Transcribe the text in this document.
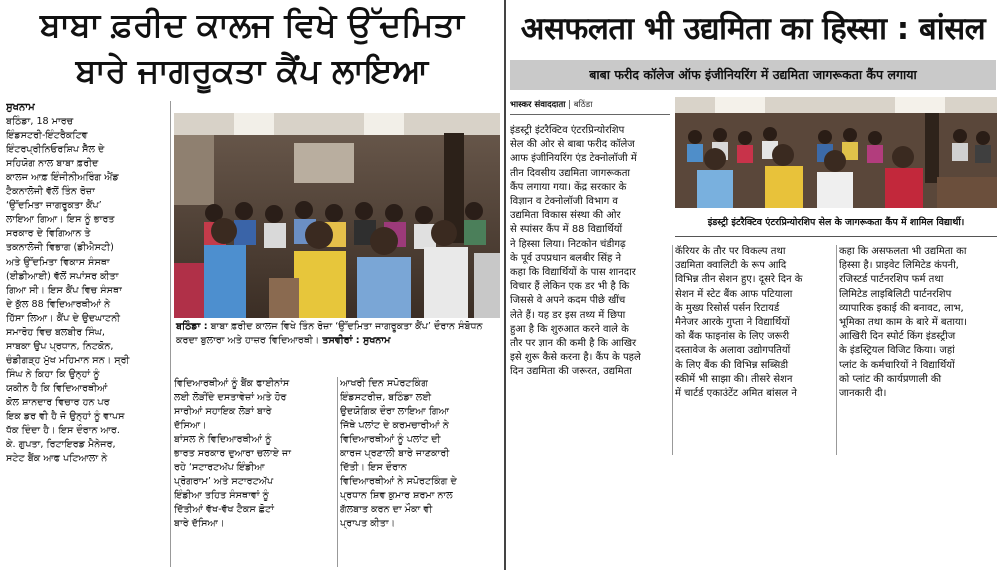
ਬਾਬਾ ਫ਼ਰੀਦ ਕਾਲਜ ਵਿਖੇ ਉੱਦਮਿਤਾ
ਬਾਰੇ ਜਾਗਰੂਕਤਾ ਕੈਂਪ ਲਾਇਆ
ਸੁਖਨਾਮ
ਬਠਿੰਡਾ, 18 ਮਾਰਚ
ਇੰਡਸਟਰੀ-ਇੰਟਰੈਕਟਿਵ
ਇੰਟਰਪ੍ਰੀਨਿਓਰਸ਼ਿਪ ਸੈੱਲ ਦੇ
ਸਹਿਯੋਗ ਨਾਲ ਬਾਬਾ ਫ਼ਰੀਦ
ਕਾਲਜ ਆਫ਼ ਇੰਜੀਨੀਅਰਿੰਗ ਐਂਡ
ਟੈਕਨਾਲੋਜੀ ਵੱਲੋਂ ਤਿੰਨ ਰੋਜ਼ਾ
‘ਉੱਦਮਿਤਾ ਜਾਗਰੂਕਤਾ ਕੈਂਪ’
ਲਾਇਆ ਗਿਆ। ਇਸ ਨੂੰ ਭਾਰਤ
ਸਰਕਾਰ ਦੇ ਵਿਗਿਆਨ ਤੇ
ਤਕਨਾਲੋਜੀ ਵਿਭਾਗ (ਡੀਐਸਟੀ)
ਅਤੇ ਉੱਦਮਿਤਾ ਵਿਕਾਸ ਸੰਸਥਾ
(ਈਡੀਆਈ) ਵੱਲੋਂ ਸਪਾਂਸਰ ਕੀਤਾ
ਗਿਆ ਸੀ। ਇਸ ਕੈਂਪ ਵਿਚ ਸੰਸਥਾ
ਦੇ ਕੁੱਲ 88 ਵਿਦਿਆਰਥੀਆਂ ਨੇ
ਹਿੱਸਾ ਲਿਆ। ਕੈਂਪ ਦੇ ਉਦਘਾਟਨੀ
ਸਮਾਰੋਹ ਵਿਚ ਬਲਬੀਰ ਸਿੰਘ,
ਸਾਬਕਾ ਉਪ ਪ੍ਰਧਾਨ, ਨਿਟਕੋਨ,
ਚੰਡੀਗੜ੍ਹ ਮੁੱਖ ਮਹਿਮਾਨ ਸਨ। ਸ੍ਰੀ
ਸਿੰਘ ਨੇ ਕਿਹਾ ਕਿ ਉਨ੍ਹਾਂ ਨੂੰ
ਯਕੀਨ ਹੈ ਕਿ ਵਿਦਿਆਰਥੀਆਂ
ਕੋਲ ਸ਼ਾਨਦਾਰ ਵਿਚਾਰ ਹਨ ਪਰ
ਇਕ ਡਰ ਵੀ ਹੈ ਜੋ ਉਨ੍ਹਾਂ ਨੂੰ ਵਾਪਸ
ਧੱਕ ਦਿੰਦਾ ਹੈ। ਇਸ ਦੌਰਾਨ ਆਰ.
ਕੇ. ਗੁਪਤਾ, ਰਿਟਾਇਰਡ ਮੈਨੇਜਰ,
ਸਟੇਟ ਬੈਂਕ ਆਫ ਪਟਿਆਲਾ ਨੇ
ਬਠਿੰਡਾ : ਬਾਬਾ ਫ਼ਰੀਦ ਕਾਲਜ ਵਿਖੇ ਤਿੰਨ ਰੋਜ਼ਾ ‘ਉੱਦਮਿਤਾ ਜਾਗਰੂਕਤਾ ਕੈਂਪ’ ਦੌਰਾਨ ਸੰਬੋਧਨ ਕਰਦਾ ਬੁਲਾਰਾ ਅਤੇ ਹਾਜ਼ਰ ਵਿਦਿਆਰਥੀ। ਤਸਵੀਰਾਂ : ਸੁਖਨਾਮ
ਵਿਦਿਆਰਥੀਆਂ ਨੂੰ ਬੈਂਕ ਫਾਈਨਾਂਸ
ਲਈ ਲੋੜੀਂਦੇ ਦਸਤਾਵੇਜ਼ਾਂ ਅਤੇ ਹੋਰ
ਸਾਰੀਆਂ ਸਹਾਇਕ ਲੋੜਾਂ ਬਾਰੇ
ਦੱਸਿਆ।
ਬਾਂਸਲ ਨੇ ਵਿਦਿਆਰਥੀਆਂ ਨੂੰ
ਭਾਰਤ ਸਰਕਾਰ ਦੁਆਰਾ ਚਲਾਏ ਜਾ
ਰਹੇ ‘ਸਟਾਰਟਅੱਪ ਇੰਡੀਆ
ਪ੍ਰੋਗਰਾਮ’ ਅਤੇ ਸਟਾਰਟਅੱਪ
ਇੰਡੀਆ ਤਹਿਤ ਸੰਸਥਾਵਾਂ ਨੂੰ
ਦਿੱਤੀਆਂ ਵੱਖ-ਵੱਖ ਟੈਕਸ ਛੋਟਾਂ
ਬਾਰੇ ਦੱਸਿਆ।
ਆਖਰੀ ਦਿਨ ਸਪੋਰਟਕਿੰਗ
ਇੰਡਸਟਰੀਜ਼, ਬਠਿੰਡਾ ਲਈ
ਉਦਯੋਗਿਕ ਦੌਰਾ ਲਾਇਆ ਗਿਆ
ਜਿੱਥੇ ਪਲਾਂਟ ਦੇ ਕਰਮਚਾਰੀਆਂ ਨੇ
ਵਿਦਿਆਰਥੀਆਂ ਨੂੰ ਪਲਾਂਟ ਦੀ
ਕਾਰਜ ਪ੍ਰਣਾਲੀ ਬਾਰੇ ਜਾਣਕਾਰੀ
ਦਿੱਤੀ। ਇਸ ਦੌਰਾਨ
ਵਿਦਿਆਰਥੀਆਂ ਨੇ ਸਪੋਰਟਕਿੰਗ ਦੇ
ਪ੍ਰਧਾਨ ਸ਼ਿਵ ਕੁਮਾਰ ਸ਼ਰਮਾ ਨਾਲ
ਗੱਲਬਾਤ ਕਰਨ ਦਾ ਮੌਕਾ ਵੀ
ਪ੍ਰਾਪਤ ਕੀਤਾ।
असफलता भी उद्यमिता का हिस्सा : बांसल
बाबा फरीद कॉलेज ऑफ इंजीनियरिंग में उद्यमिता जागरूकता कैंप लगाया
भास्कर संवाददाता | बठिंडा
इंडस्ट्री इंटरैक्टिव एंटरप्रिन्योरशिप
सेल की ओर से बाबा फरीद कॉलेज
आफ इंजीनियरिंग एंड टेक्नोलॉजी में
तीन दिवसीय उद्यमिता जागरूकता
कैंप लगाया गया। केंद्र सरकार के
विज्ञान व टेक्नोलॉजी विभाग व
उद्यमिता विकास संस्था की ओर
से स्पांसर कैंप में 88 विद्यार्थियों
ने हिस्सा लिया। निटकोन चंडीगढ़
के पूर्व उपप्रधान बलबीर सिंह ने
कहा कि विद्यार्थियों के पास शानदार
विचार हैं लेकिन एक डर भी है कि
जिससे वे अपने कदम पीछे खींच
लेते हैं। यह डर इस तथ्य में छिपा
हुआ है कि शुरुआत करने वाले के
तौर पर ज्ञान की कमी है कि आखिर
इसे शुरू कैसे करना है। कैंप के पहले
दिन उद्यमिता की जरूरत, उद्यमिता
इंडस्ट्री इंटरैक्टिव एंटरप्रिन्योरशिप सेल के जागरूकता कैंप में शामिल विद्यार्थी।
कॅरियर के तौर पर विकल्प तथा
उद्यमिता क्वालिटी के रूप आदि
विभिन्न तीन सेशन हुए। दूसरे दिन के
सेशन में स्टेट बैंक आफ पटियाला
के मुख्य रिसोर्स पर्सन रिटायर्ड
मैनेजर आरके गुप्ता ने विद्यार्थियों
को बैंक फाइनांस के लिए जरूरी
दस्तावेज के अलावा उद्योगपतियों
के लिए बैंक की विभिन्न सब्सिडी
स्कीमें भी साझा की। तीसरे सेशन
में चार्टर्ड एकाउंटेंट अमित बांसल ने
कहा कि असफलता भी उद्यमिता का
हिस्सा है। प्राइवेट लिमिटेड कंपनी,
रजिस्टर्ड पार्टनरशिप फर्म तथा
लिमिटेड लाइबिलिटी पार्टनरशिप
व्यापारिक इकाई की बनावट, लाभ,
भूमिका तथा काम के बारे में बताया।
आखिरी दिन स्पोर्ट किंग इंडस्ट्रीज
के इंडस्ट्रियल विजिट किया। जहां
प्लांट के कर्मचारियों ने विद्यार्थियों
को प्लांट की कार्यप्रणाली की
जानकारी दी।
